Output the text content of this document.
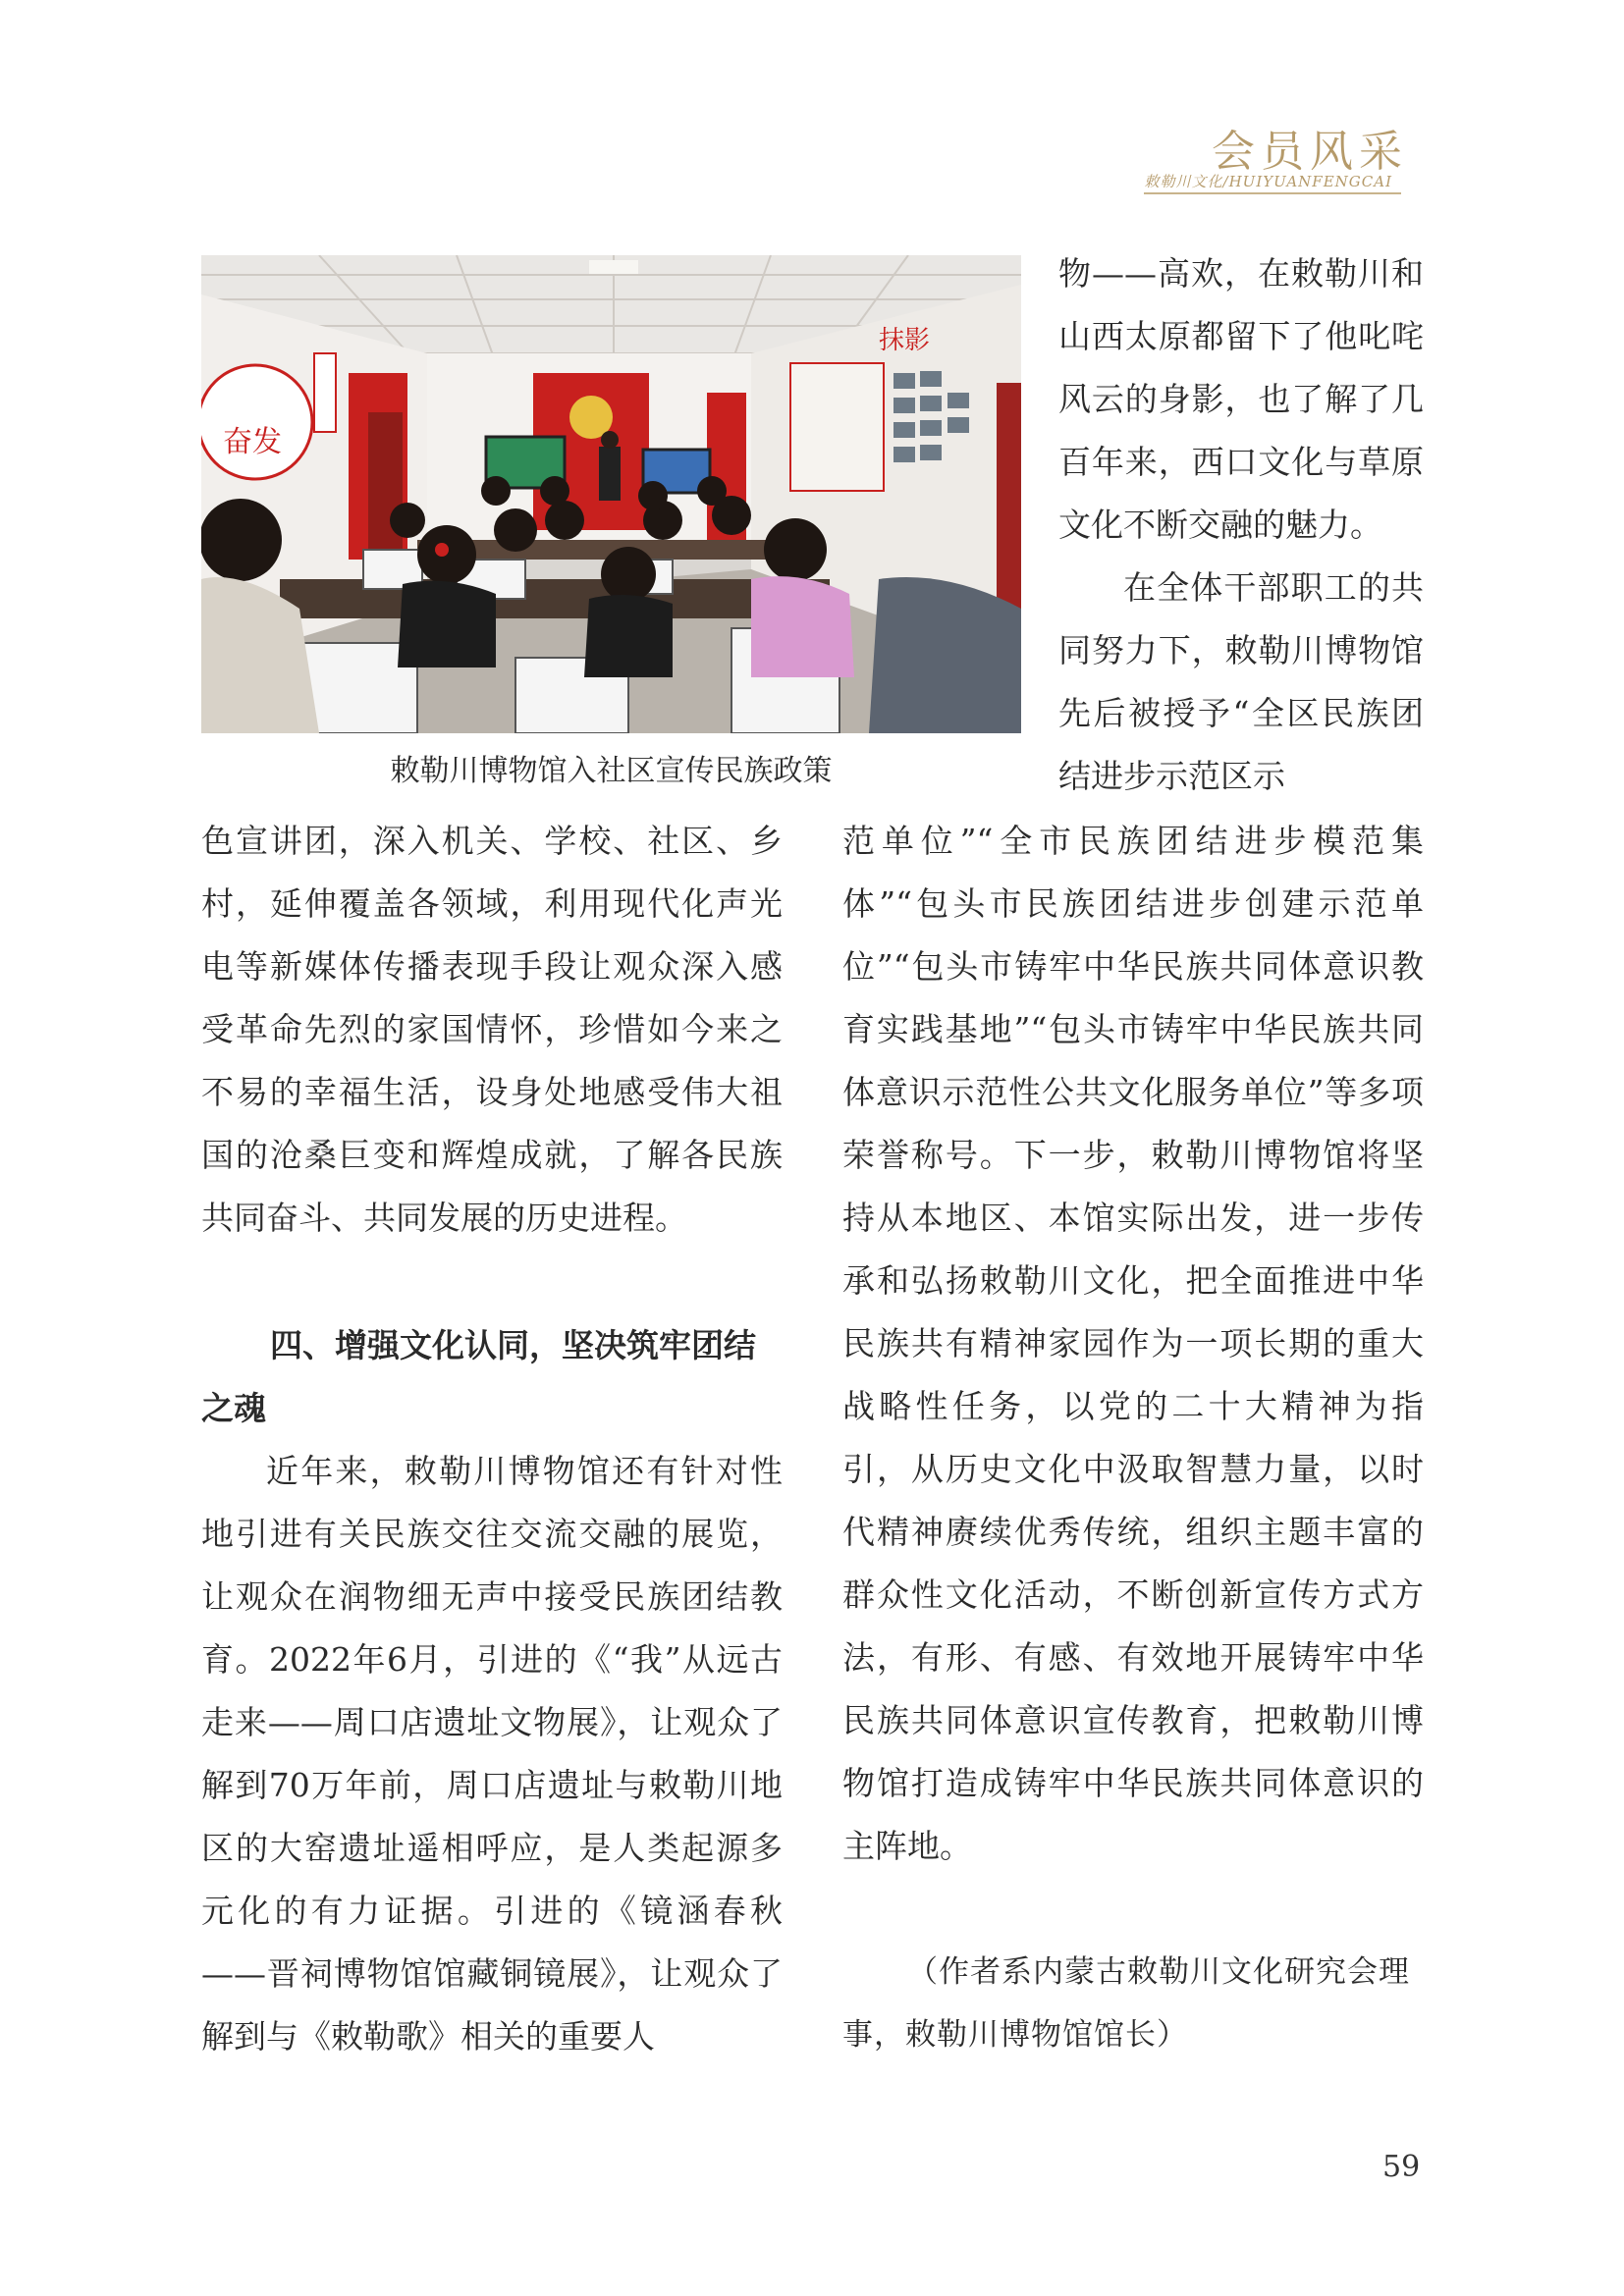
会员风采
敕勒川文化/HUIYUANFENGCAI
奋发
抹影
敕勒川博物馆入社区宣传民族政策

物——高欢，在敕勒川和山西太原都留下了他叱咤风云的身影，也了解了几百年来，西口文化与草原文化不断交融的魅力。

在全体干部职工的共同努力下，敕勒川博物馆先后被授予“全区民族团结进步示范区示

色宣讲团，深入机关、学校、社区、乡村，延伸覆盖各领域，利用现代化声光电等新媒体传播表现手段让观众深入感受革命先烈的家国情怀，珍惜如今来之不易的幸福生活，设身处地感受伟大祖国的沧桑巨变和辉煌成就，了解各民族共同奋斗、共同发展的历史进程。

四、增强文化认同，坚决筑牢团结之魂

近年来，敕勒川博物馆还有针对性地引进有关民族交往交流交融的展览，让观众在润物细无声中接受民族团结教育。2022年6月，引进的《“我”从远古走来——周口店遗址文物展》，让观众了解到70万年前，周口店遗址与敕勒川地区的大窑遗址遥相呼应，是人类起源多元化的有力证据。引进的《镜涵春秋——晋祠博物馆馆藏铜镜展》，让观众了解到与《敕勒歌》相关的重要人

范单位”“全市民族团结进步模范集体”“包头市民族团结进步创建示范单位”“包头市铸牢中华民族共同体意识教育实践基地”“包头市铸牢中华民族共同体意识示范性公共文化服务单位”等多项荣誉称号。下一步，敕勒川博物馆将坚持从本地区、本馆实际出发，进一步传承和弘扬敕勒川文化，把全面推进中华民族共有精神家园作为一项长期的重大战略性任务，以党的二十大精神为指引，从历史文化中汲取智慧力量，以时代精神赓续优秀传统，组织主题丰富的群众性文化活动，不断创新宣传方式方法，有形、有感、有效地开展铸牢中华民族共同体意识宣传教育，把敕勒川博物馆打造成铸牢中华民族共同体意识的主阵地。

（作者系内蒙古敕勒川文化研究会理事，敕勒川博物馆馆长）

59
